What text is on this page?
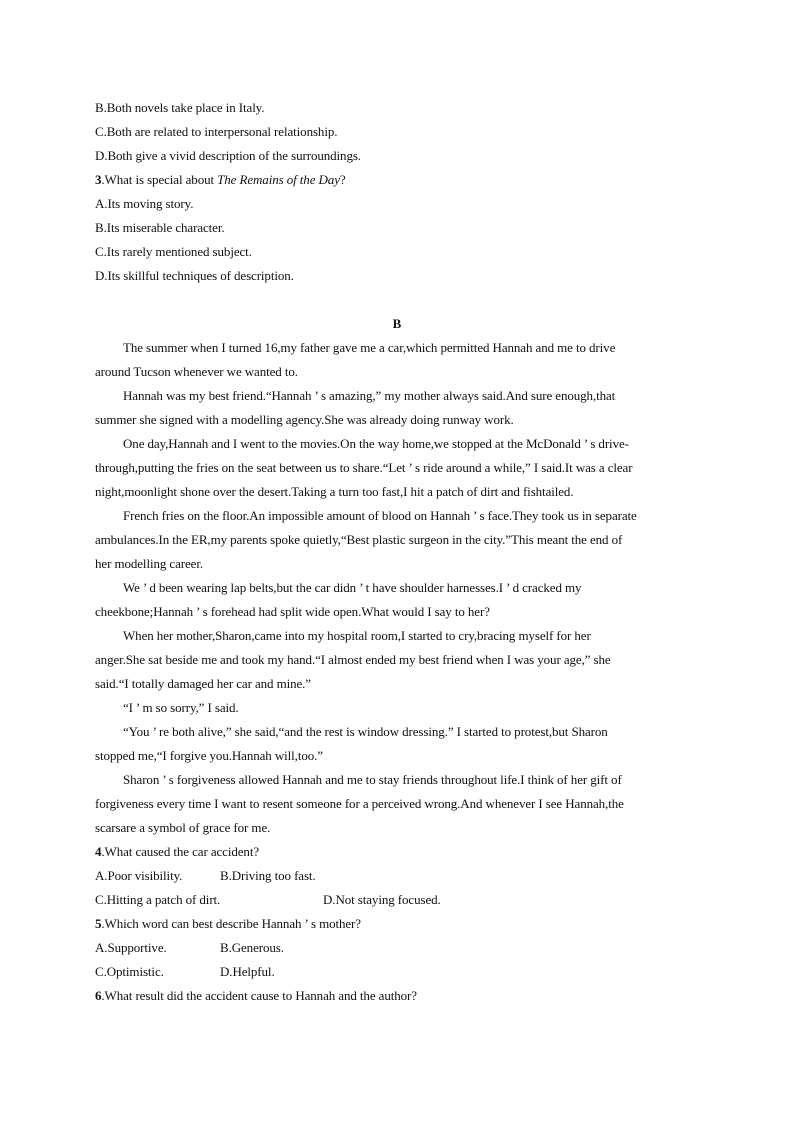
B.Both novels take place in Italy.
C.Both are related to interpersonal relationship.
D.Both give a vivid description of the surroundings.
3.What is special about The Remains of the Day?
A.Its moving story.
B.Its miserable character.
C.Its rarely mentioned subject.
D.Its skillful techniques of description.
B
The summer when I turned 16,my father gave me a car,which permitted Hannah and me to drive
around Tucson whenever we wanted to.
Hannah was my best friend.“Hannah ’ s amazing,” my mother always said.And sure enough,that
summer she signed with a modelling agency.She was already doing runway work.
One day,Hannah and I went to the movies.On the way home,we stopped at the McDonald ’ s drive-
through,putting the fries on the seat between us to share.“Let ’ s ride around a while,” I said.It was a clear
night,moonlight shone over the desert.Taking a turn too fast,I hit a patch of dirt and fishtailed.
French fries on the floor.An impossible amount of blood on Hannah ’ s face.They took us in separate
ambulances.In the ER,my parents spoke quietly,“Best plastic surgeon in the city.”This meant the end of
her modelling career.
We ’ d been wearing lap belts,but the car didn ’ t have shoulder harnesses.I ’ d cracked my
cheekbone;Hannah ’ s forehead had split wide open.What would I say to her?
When her mother,Sharon,came into my hospital room,I started to cry,bracing myself for her
anger.She sat beside me and took my hand.“I almost ended my best friend when I was your age,” she
said.“I totally damaged her car and mine.”
“I ’ m so sorry,” I said.
“You ’ re both alive,” she said,“and the rest is window dressing.” I started to protest,but Sharon
stopped me,“I forgive you.Hannah will,too.”
Sharon ’ s forgiveness allowed Hannah and me to stay friends throughout life.I think of her gift of
forgiveness every time I want to resent someone for a perceived wrong.And whenever I see Hannah,the
scarsare a symbol of grace for me.
4.What caused the car accident?
A.Poor visibility.	B.Driving too fast.
C.Hitting a patch of dirt.	D.Not staying focused.
5.Which word can best describe Hannah ’ s mother?
A.Supportive.	B.Generous.
C.Optimistic.	D.Helpful.
6.What result did the accident cause to Hannah and the author?
